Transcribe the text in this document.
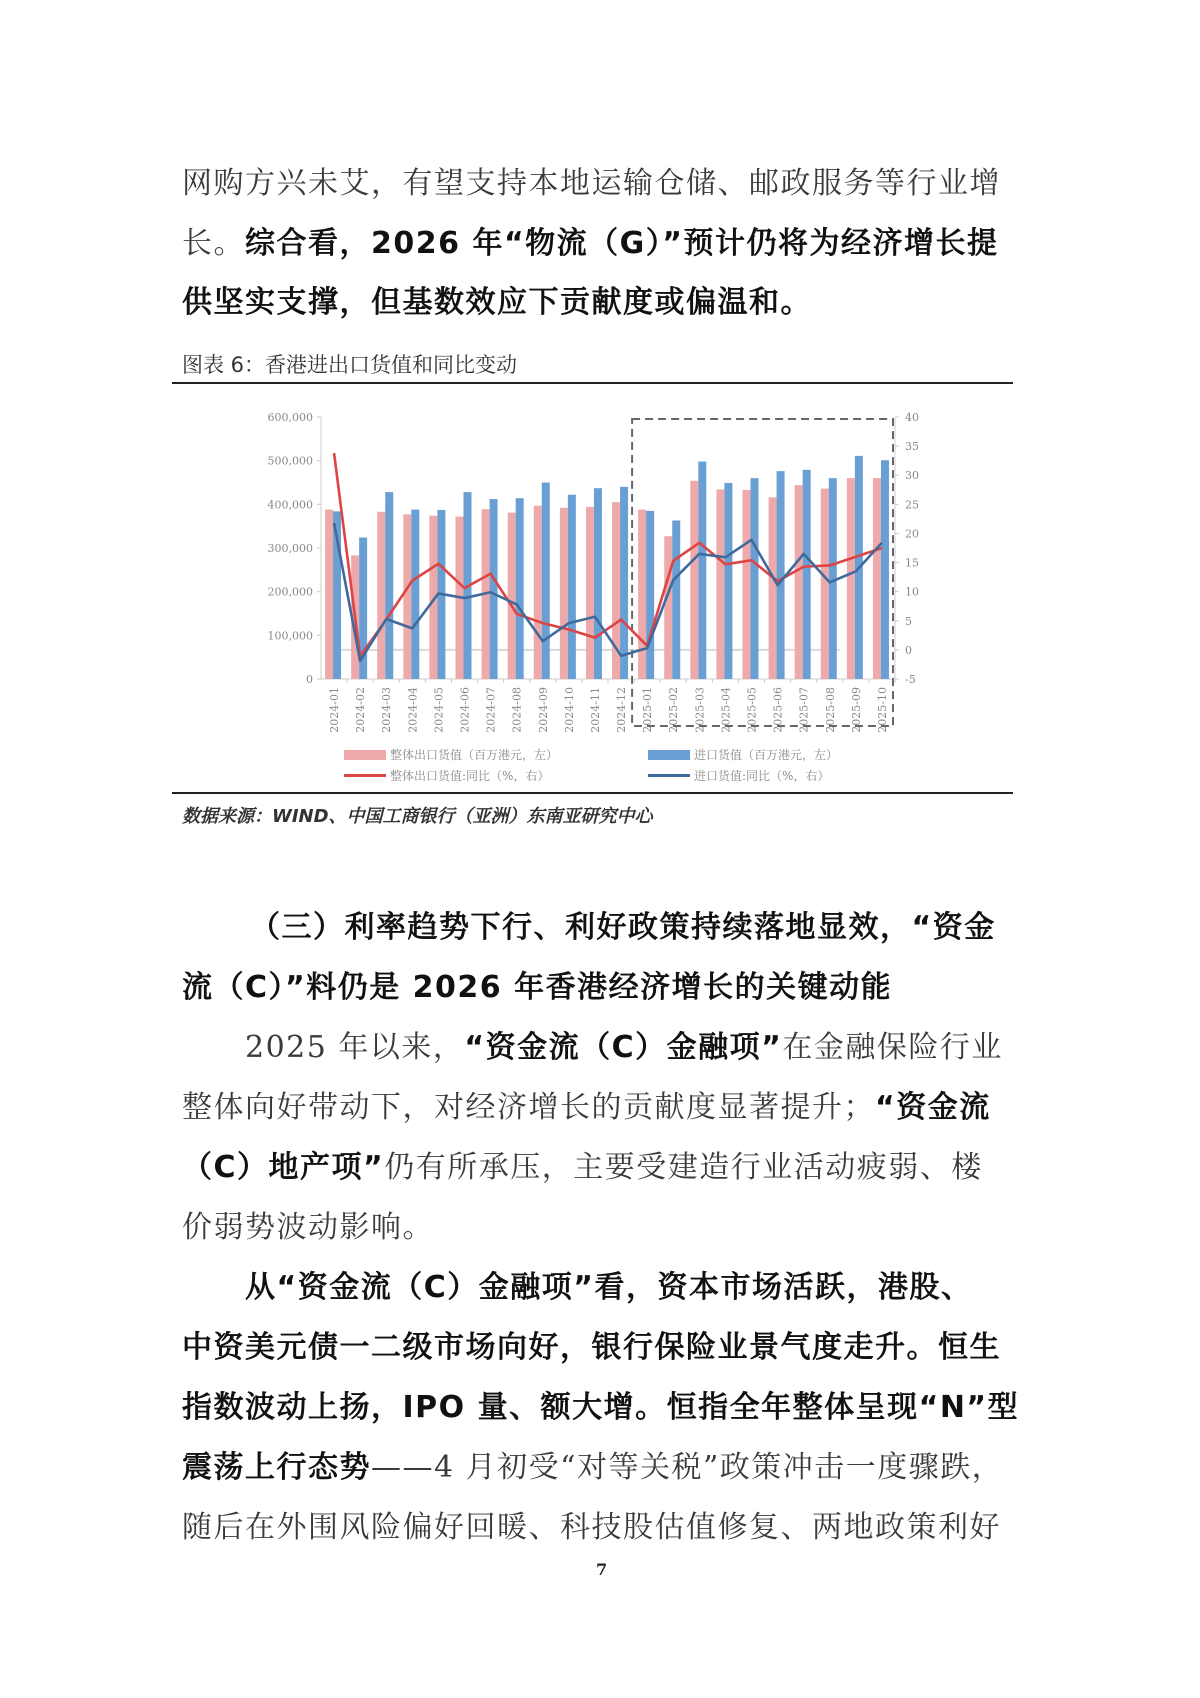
网购方兴未艾，有望支持本地运输仓储、邮政服务等行业增
长。综合看，2026 年“物流（G）”预计仍将为经济增长提
供坚实支撑，但基数效应下贡献度或偏温和。
图表 6：香港进出口货值和同比变动
0
100,000
200,000
300,000
400,000
500,000
600,000
-5
0
5
10
15
20
25
30
35
40
2024-01 2024-02 2024-03 2024-04 2024-05 2024-06 2024-07 2024-08 2024-09 2024-10 2024-11 2024-12 2025-01 2025-02 2025-03 2025-04 2025-05 2025-06 2025-07 2025-08 2025-09 2025-10
整体出口货值（百万港元，左）	进口货值（百万港元，左）
整体出口货值:同比（%，右）	进口货值:同比（%，右）
数据来源：WIND、中国工商银行（亚洲）东南亚研究中心
（三）利率趋势下行、利好政策持续落地显效，“资金
流（C）”料仍是 2026 年香港经济增长的关键动能
2025 年以来，“资金流（C）金融项”在金融保险行业
整体向好带动下，对经济增长的贡献度显著提升；“资金流
（C）地产项”仍有所承压，主要受建造行业活动疲弱、楼
价弱势波动影响。
从“资金流（C）金融项”看，资本市场活跃，港股、
中资美元债一二级市场向好，银行保险业景气度走升。恒生
指数波动上扬，IPO 量、额大增。恒指全年整体呈现“N”型
震荡上行态势——4 月初受“对等关税”政策冲击一度骤跌，
随后在外围风险偏好回暖、科技股估值修复、两地政策利好
7
